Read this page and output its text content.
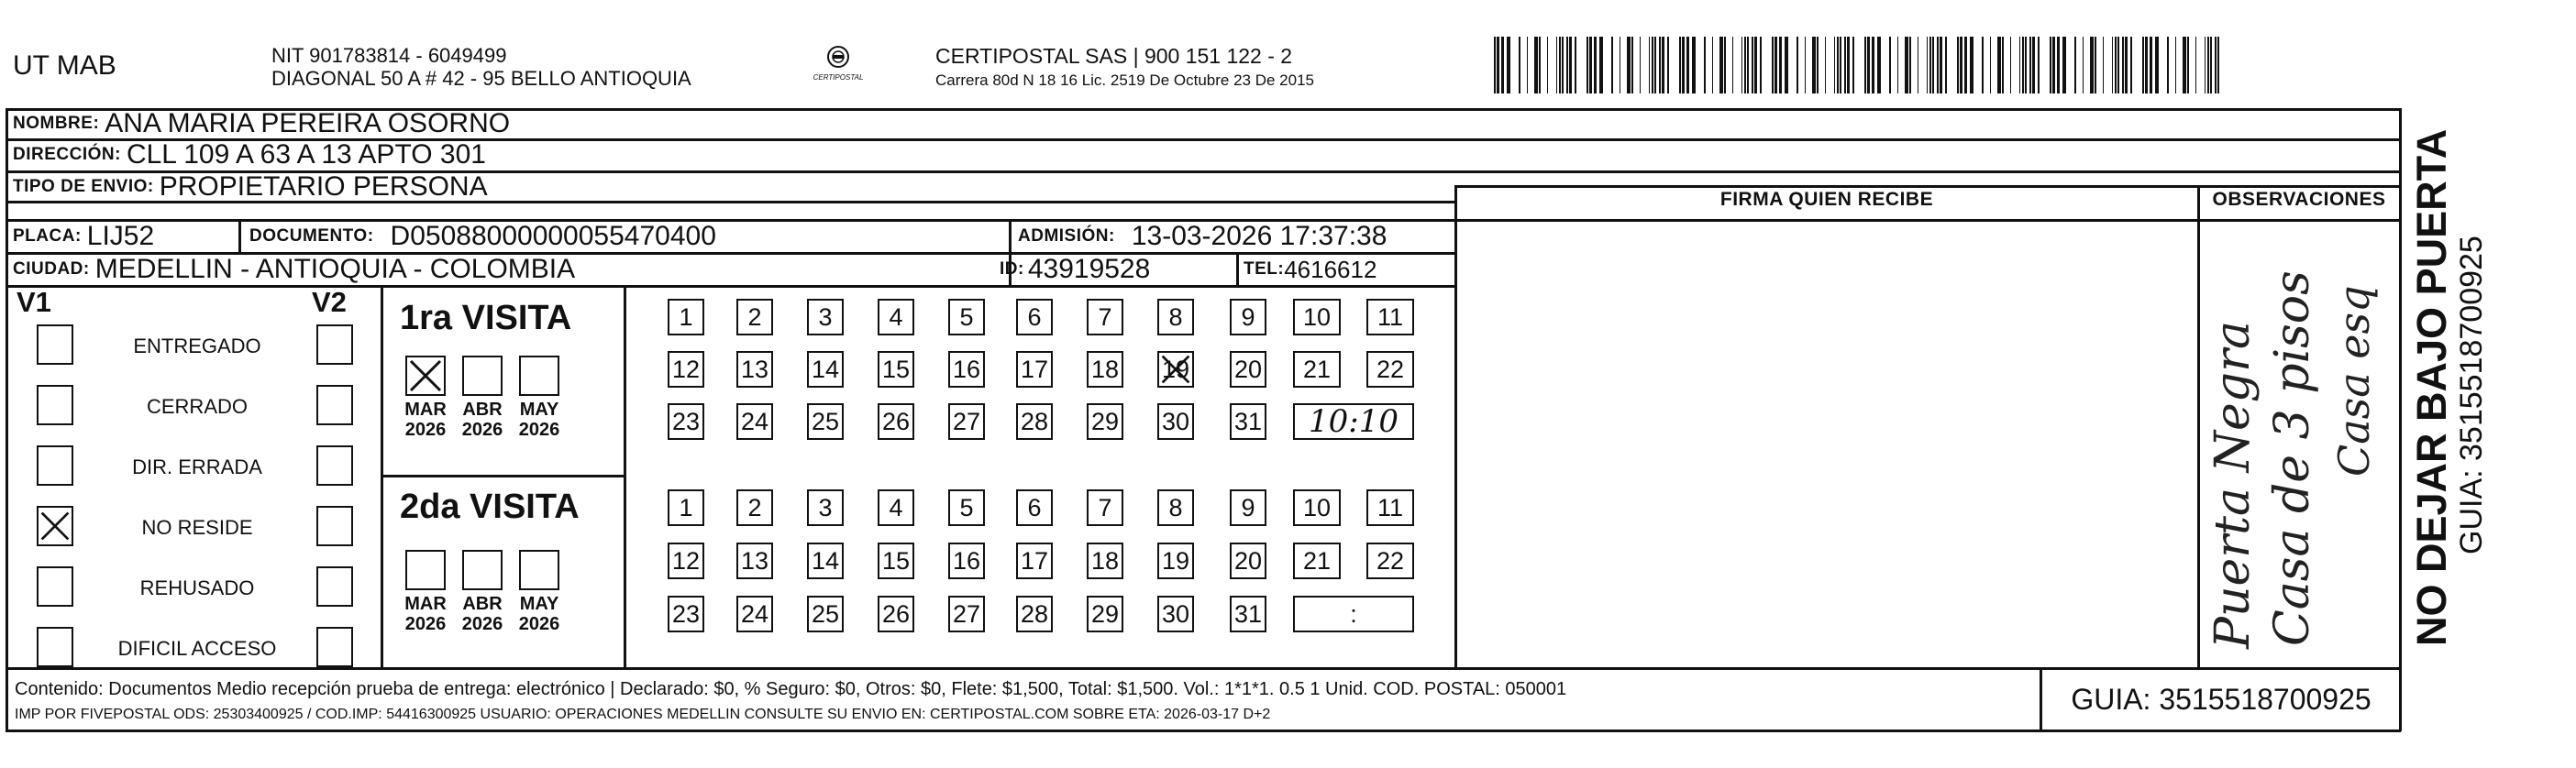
UT MAB	NIT 901783814 - 6049499
DIAGONAL 50 A # 42 - 95 BELLO ANTIOQUIA	CERTIPOSTAL
CERTIPOSTAL SAS | 900 151 122 - 2
Carrera 80d N 18 16 Lic. 2519 De Octubre 23 De 2015
NOMBRE: ANA MARIA PEREIRA OSORNO
DIRECCIÓN: CLL 109 A 63 A 13 APTO 301
TIPO DE ENVIO: PROPIETARIO PERSONA
PLACA: LIJ52	DOCUMENTO: D05088000000055470400	ADMISIÓN: 13-03-2026 17:37:38
CIUDAD: MEDELLIN - ANTIOQUIA - COLOMBIA	ID: 43919528	TEL: 4616612
FIRMA QUIEN RECIBE	OBSERVACIONES
V1	V2
ENTREGADO
CERRADO
DIR. ERRADA
NO RESIDE
REHUSADO
DIFICIL ACCESO
1ra VISITA
2da VISITA
MAR
2026
ABR
2026
MAY
2026
MAR
2026
ABR
2026
MAY
2026
1 2 3 4 5 6 7 8 9 10 11
12 13 14 15 16 17 18 19 20 21 22
23 24 25 26 27 28 29 30 31 10:10
1 2 3 4 5 6 7 8 9 10 11
12 13 14 15 16 17 18 19 20 21 22
23 24 25 26 27 28 29 30 31	:	Puerta Negra Casa de 3 pisos Casa esq NO DEJAR BAJO PUERTA GUIA: 3515518700925
Contenido: Documentos Medio recepción prueba de entrega: electrónico | Declarado: $0, % Seguro: $0, Otros: $0, Flete: $1,500, Total: $1,500. Vol.: 1*1*1. 0.5 1 Unid. COD. POSTAL: 050001
IMP POR FIVEPOSTAL ODS: 25303400925 / COD.IMP: 54416300925 USUARIO: OPERACIONES MEDELLIN CONSULTE SU ENVIO EN: CERTIPOSTAL.COM SOBRE ETA: 2026-03-17 D+2	GUIA: 3515518700925
